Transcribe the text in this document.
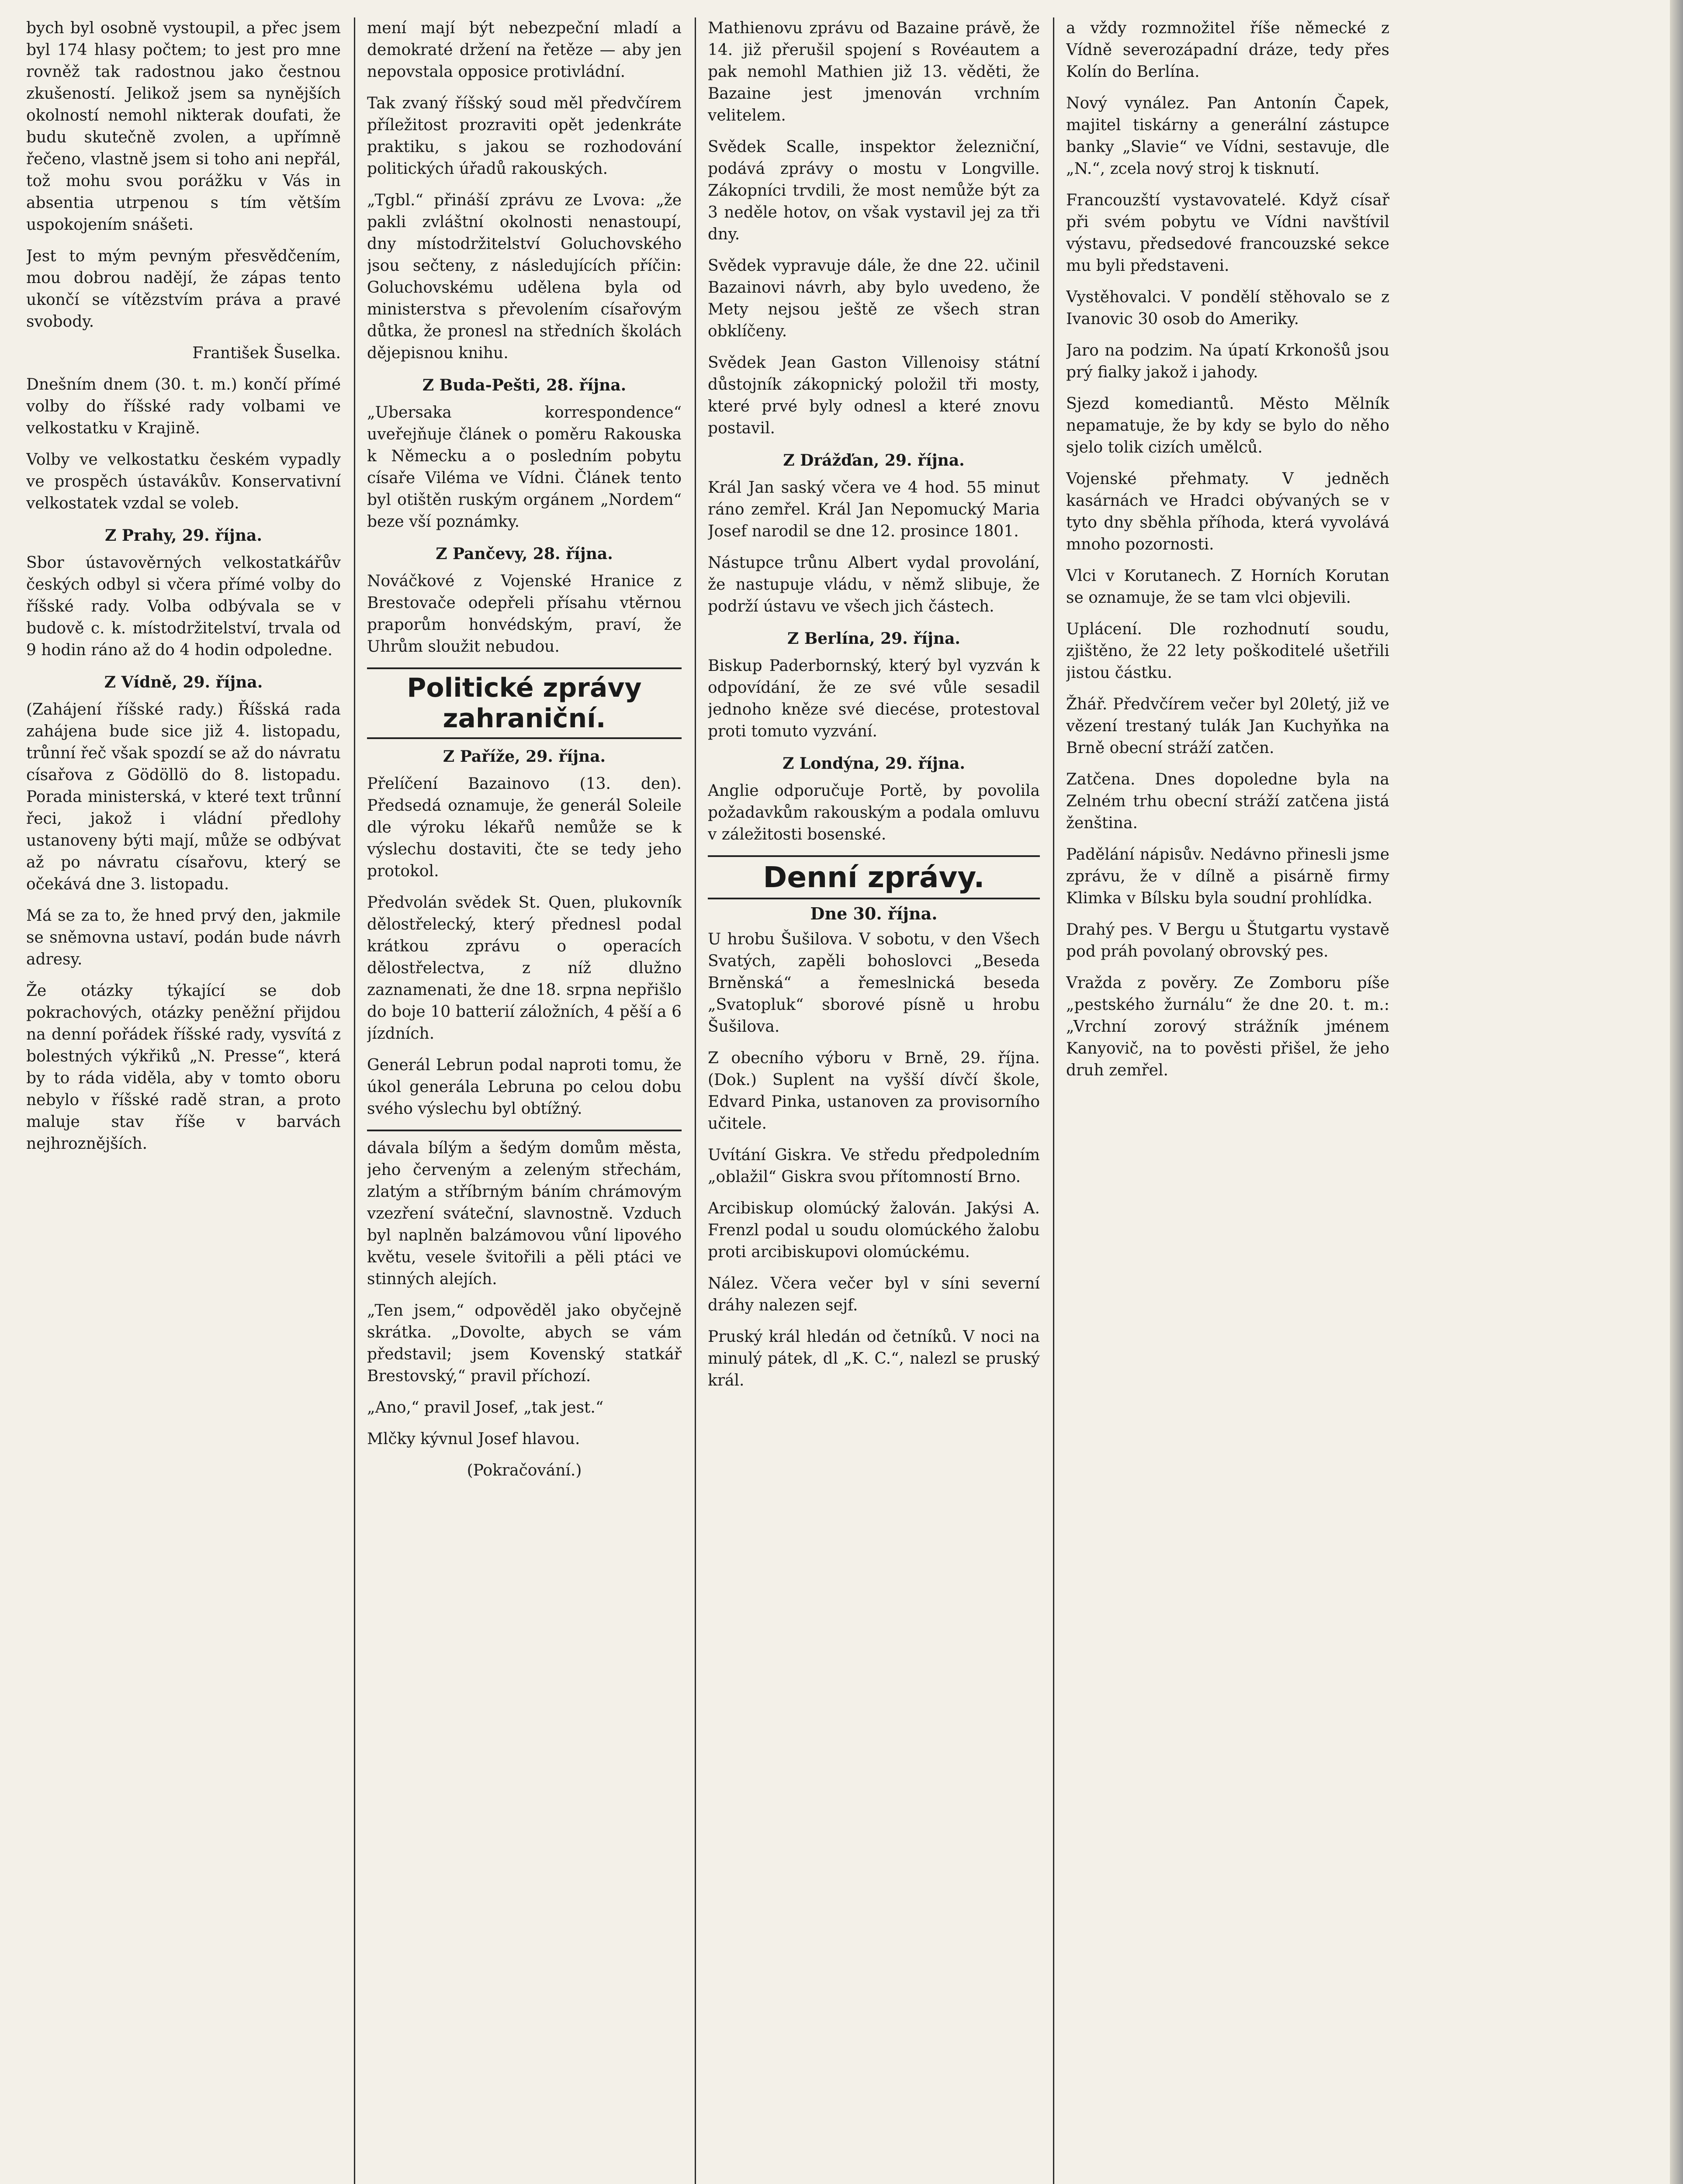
bych byl osobně vystoupil, a přec jsem byl 174 hlasy počtem; to jest pro mne rovněž tak radostnou jako čestnou zkušeností. Jelikož jsem sa nynějších okolností nemohl nikterak doufati, že budu skutečně zvolen, a upřímně řečeno, vlastně jsem si toho ani nepřál, tož mohu svou porážku v Vás in absentia utrpenou s tím větším uspokojením snášeti.

Jest to mým pevným přesvědčením, mou dobrou nadějí, že zápas tento ukončí se vítězstvím práva a pravé svobody.

František Šuselka.

Dnešním dnem (30. t. m.) končí přímé volby do říšské rady volbami ve velkostatku v Krajině.

Volby ve velkostatku českém vypadly ve prospěch ústavákův. Konservativní velkostatek vzdal se voleb.

Z Prahy, 29. října.

Sbor ústavověrných velkostatkářův českých odbyl si včera přímé volby do říšské rady. Volba odbývala se v budově c. k. místodržitelství, trvala od 9 hodin ráno až do 4 hodin odpoledne.

Z Vídně, 29. října.

(Zahájení říšské rady.) Říšská rada zahájena bude sice již 4. listopadu, trůnní řeč však spozdí se až do návratu císařova z Gödöllö do 8. listopadu. Porada ministerská, v které text trůnní řeci, jakož i vládní předlohy ustanoveny býti mají, může se odbývat až po návratu císařovu, který se očekává dne 3. listopadu.

Má se za to, že hned prvý den, jakmile se sněmovna ustaví, podán bude návrh adresy.

Že otázky týkající se dob pokrachových, otázky peněžní přijdou na denní pořádek říšské rady, vysvítá z bolestných výkřiků „N. Presse“, která by to ráda viděla, aby v tomto oboru nebylo v říšské radě stran, a proto maluje stav říše v barvách nejhroznějších.

mení mají být nebezpeční mladí a demokraté držení na řetěze — aby jen nepovstala opposice protivládní.

Tak zvaný říšský soud měl předvčírem příležitost prozraviti opět jedenkráte praktiku, s jakou se rozhodování politických úřadů rakouských.

„Tgbl.“ přináší zprávu ze Lvova: „že pakli zvláštní okolnosti nenastoupí, dny místodržitelství Goluchovského jsou sečteny, z následujících příčin: Goluchovskému udělena byla od ministerstva s převolením císařovým důtka, že pronesl na středních školách dějepisnou knihu.

Z Buda-Pešti, 28. října.

„Ubersaka korrespondence“ uveřejňuje článek o poměru Rakouska k Německu a o posledním pobytu císaře Viléma ve Vídni. Článek tento byl otištěn ruským orgánem „Nordem“ beze vší poznámky.

Z Pančevy, 28. října.

Nováčkové z Vojenské Hranice z Brestovače odepřeli přísahu vtěrnou praporům honvédským, praví, že Uhrům sloužit nebudou.

Politické zprávy zahraniční.
Z Paříže, 29. října.

Přelíčení Bazainovo (13. den). Předsedá oznamuje, že generál Soleile dle výroku lékařů nemůže se k výslechu dostaviti, čte se tedy jeho protokol.

Předvolán svědek St. Quen, plukovník dělostřelecký, který přednesl podal krátkou zprávu o operacích dělostřelectva, z níž dlužno zaznamenati, že dne 18. srpna nepřišlo do boje 10 batterií záložních, 4 pěší a 6 jízdních.

Generál Lebrun podal naproti tomu, že úkol generála Lebruna po celou dobu svého výslechu byl obtížný.

dávala bílým a šedým domům města, jeho červeným a zeleným střechám, zlatým a stříbrným báním chrámovým vzezření sváteční, slavnostně. Vzduch byl naplněn balzámovou vůní lipového květu, vesele švitořili a pěli ptáci ve stinných alejích.

„Ten jsem,“ odpověděl jako obyčejně skrátka. „Dovolte, abych se vám představil; jsem Kovenský statkář Brestovský,“ pravil příchozí.

„Ano,“ pravil Josef, „tak jest.“

Mlčky kývnul Josef hlavou.

(Pokračování.)

Mathienovu zprávu od Bazaine právě, že 14. již přerušil spojení s Rovéautem a pak nemohl Mathien již 13. věděti, že Bazaine jest jmenován vrchním velitelem.

Svědek Scalle, inspektor železniční, podává zprávy o mostu v Longville. Zákopníci trvdili, že most nemůže být za 3 neděle hotov, on však vystavil jej za tři dny.

Svědek vypravuje dále, že dne 22. učinil Bazainovi návrh, aby bylo uvedeno, že Mety nejsou ještě ze všech stran obklíčeny.

Svědek Jean Gaston Villenoisy státní důstojník zákopnický položil tři mosty, které prvé byly odnesl a které znovu postavil.

Z Drážďan, 29. října.

Král Jan saský včera ve 4 hod. 55 minut ráno zemřel. Král Jan Nepomucký Maria Josef narodil se dne 12. prosince 1801.

Nástupce trůnu Albert vydal provolání, že nastupuje vládu, v němž slibuje, že podrží ústavu ve všech jich částech.

Z Berlína, 29. října.

Biskup Paderbornský, který byl vyzván k odpovídání, že ze své vůle sesadil jednoho kněze své diecése, protestoval proti tomuto vyzvání.

Z Londýna, 29. října.

Anglie odporučuje Portě, by povolila požadavkům rakouským a podala omluvu v záležitosti bosenské.

Denní zprávy.
Dne 30. října.

U hrobu Šušilova. V sobotu, v den Všech Svatých, zapěli bohoslovci „Beseda Brněnská“ a řemeslnická beseda „Svatopluk“ sborové písně u hrobu Šušilova.

Z obecního výboru v Brně, 29. října. (Dok.) Suplent na vyšší dívčí škole, Edvard Pinka, ustanoven za provisorního učitele.

Uvítání Giskra. Ve středu předpoledním „oblažil“ Giskra svou přítomností Brno.

Arcibiskup olomúcký žalován. Jakýsi A. Frenzl podal u soudu olomúckého žalobu proti arcibiskupovi olomúckému.

Nález. Včera večer byl v síni severní dráhy nalezen sejf.

Pruský král hledán od četníků. V noci na minulý pátek, dl „K. C.“, nalezl se pruský král.

a vždy rozmnožitel říše německé z Vídně severozápadní dráze, tedy přes Kolín do Berlína.

Nový vynález. Pan Antonín Čapek, majitel tiskárny a generální zástupce banky „Slavie“ ve Vídni, sestavuje, dle „N.“, zcela nový stroj k tisknutí.

Francouzští vystavovatelé. Když císař při svém pobytu ve Vídni navštívil výstavu, předsedové francouzské sekce mu byli představeni.

Vystěhovalci. V pondělí stěhovalo se z Ivanovic 30 osob do Ameriky.

Jaro na podzim. Na úpatí Krkonošů jsou prý fialky jakož i jahody.

Sjezd komediantů. Město Mělník nepamatuje, že by kdy se bylo do něho sjelo tolik cizích umělců.

Vojenské přehmaty. V jedněch kasárnách ve Hradci obývaných se v tyto dny sběhla příhoda, která vyvolává mnoho pozornosti.

Vlci v Korutanech. Z Horních Korutan se oznamuje, že se tam vlci objevili.

Uplácení. Dle rozhodnutí soudu, zjištěno, že 22 lety poškoditelé ušetřili jistou částku.

Žhář. Předvčírem večer byl 20letý, již ve vězení trestaný tulák Jan Kuchyňka na Brně obecní stráží zatčen.

Zatčena. Dnes dopoledne byla na Zelném trhu obecní stráží zatčena jistá ženština.

Padělání nápisův. Nedávno přinesli jsme zprávu, že v dílně a pisárně firmy Klimka v Bílsku byla soudní prohlídka.

Drahý pes. V Bergu u Štutgartu vystavě pod práh povolaný obrovský pes.

Vražda z pověry. Ze Zomboru píše „pestského žurnálu“ že dne 20. t. m.: „Vrchní zorový strážník jménem Kanyovič, na to pověsti přišel, že jeho druh zemřel.
